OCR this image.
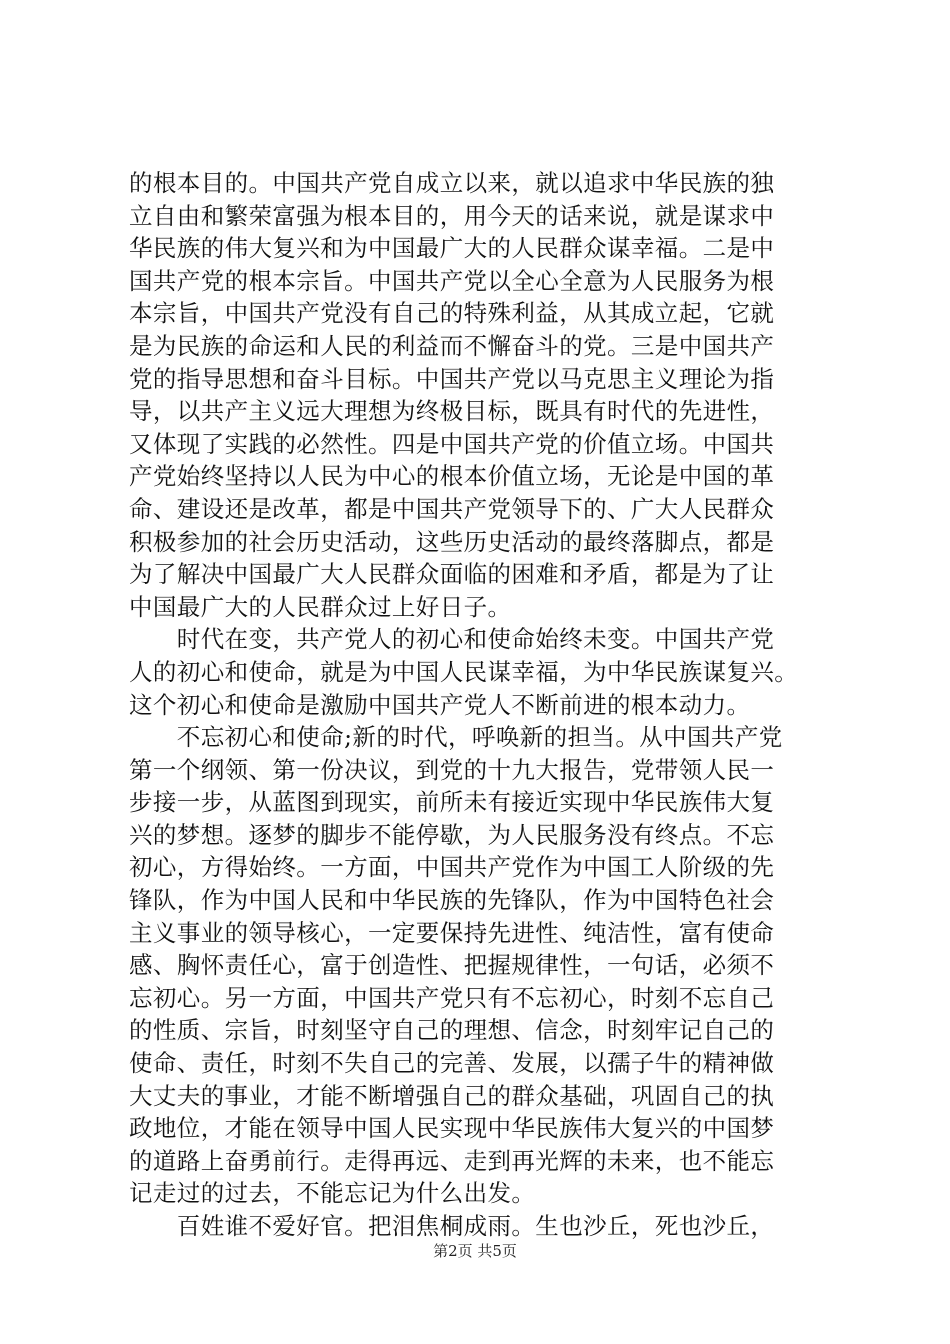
的根本目的。中国共产党自成立以来，就以追求中华民族的独
立自由和繁荣富强为根本目的，用今天的话来说，就是谋求中
华民族的伟大复兴和为中国最广大的人民群众谋幸福。二是中
国共产党的根本宗旨。中国共产党以全心全意为人民服务为根
本宗旨，中国共产党没有自己的特殊利益，从其成立起，它就
是为民族的命运和人民的利益而不懈奋斗的党。三是中国共产
党的指导思想和奋斗目标。中国共产党以马克思主义理论为指
导，以共产主义远大理想为终极目标，既具有时代的先进性，
又体现了实践的必然性。四是中国共产党的价值立场。中国共
产党始终坚持以人民为中心的根本价值立场，无论是中国的革
命、建设还是改革，都是中国共产党领导下的、广大人民群众
积极参加的社会历史活动，这些历史活动的最终落脚点，都是
为了解决中国最广大人民群众面临的困难和矛盾，都是为了让
中国最广大的人民群众过上好日子。
　　时代在变，共产党人的初心和使命始终未变。中国共产党
人的初心和使命，就是为中国人民谋幸福，为中华民族谋复兴。
这个初心和使命是激励中国共产党人不断前进的根本动力。
　　不忘初心和使命;新的时代，呼唤新的担当。从中国共产党
第一个纲领、第一份决议，到党的十九大报告，党带领人民一
步接一步，从蓝图到现实，前所未有接近实现中华民族伟大复
兴的梦想。逐梦的脚步不能停歇，为人民服务没有终点。不忘
初心，方得始终。一方面，中国共产党作为中国工人阶级的先
锋队，作为中国人民和中华民族的先锋队，作为中国特色社会
主义事业的领导核心，一定要保持先进性、纯洁性，富有使命
感、胸怀责任心，富于创造性、把握规律性，一句话，必须不
忘初心。另一方面，中国共产党只有不忘初心，时刻不忘自己
的性质、宗旨，时刻坚守自己的理想、信念，时刻牢记自己的
使命、责任，时刻不失自己的完善、发展，以孺子牛的精神做
大丈夫的事业，才能不断增强自己的群众基础，巩固自己的执
政地位，才能在领导中国人民实现中华民族伟大复兴的中国梦
的道路上奋勇前行。走得再远、走到再光辉的未来，也不能忘
记走过的过去，不能忘记为什么出发。
　　百姓谁不爱好官。把泪焦桐成雨。生也沙丘，死也沙丘，
第2页 共5页
